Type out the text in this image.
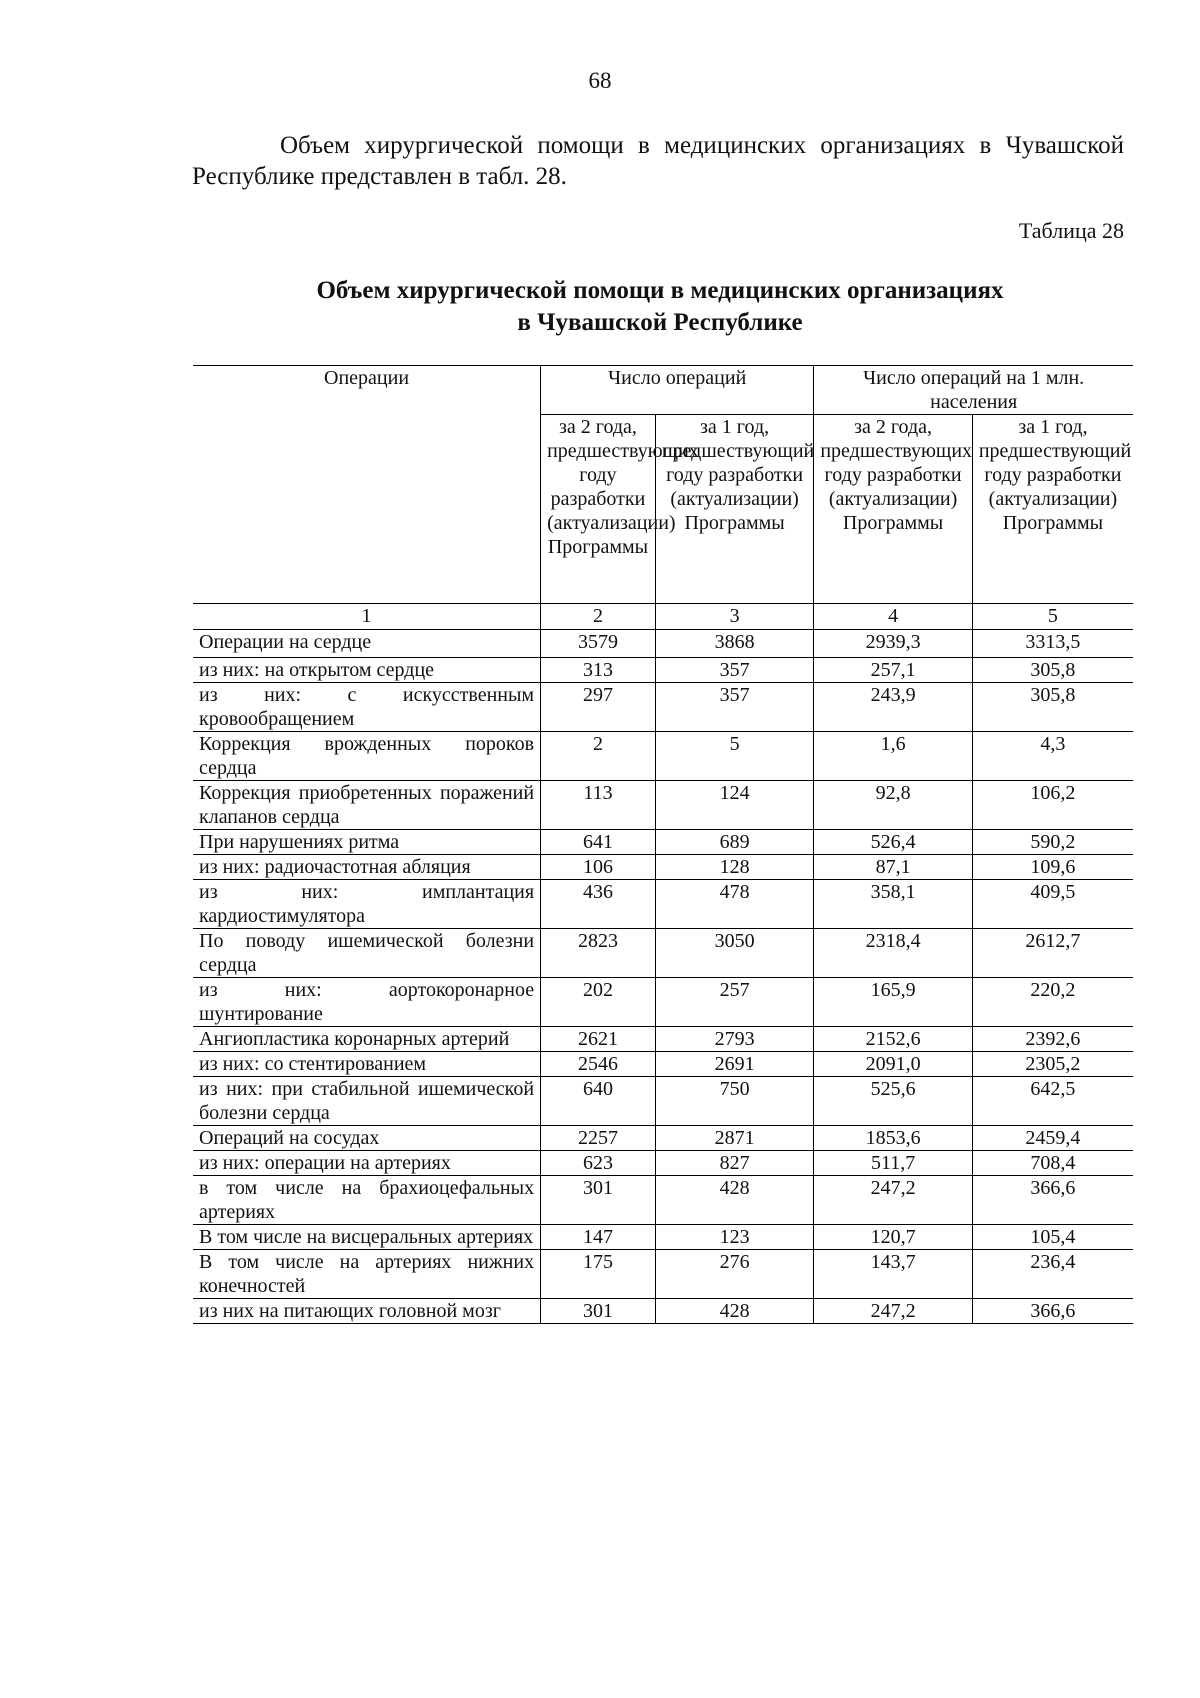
68

Объем хирургической помощи в медицинских организациях в Чувашской Республике представлен в табл. 28.

Таблица 28
Объем хирургической помощи в медицинских организациях
в Чувашской Республике
Операции	Число операций		Число операций на 1 млн. населения	
	за 2 года, предшествующих году разработки (актуализации) Программы	за 1 год, предшествующий году разработки (актуализации) Программы	за 2 года, предшествующих году разработки (актуализации) Программы	за 1 год, предшествующий году разработки (актуализации) Программы
1	2	3	4	5
Операции на сердце	3579	3868	2939,3	3313,5
из них: на открытом сердце	313	357	257,1	305,8
из них: с искусственным кровообращением	297	357	243,9	305,8
Коррекция врожденных пороков сердца	2	5	1,6	4,3
Коррекция приобретенных поражений клапанов сердца	113	124	92,8	106,2
При нарушениях ритма	641	689	526,4	590,2
из них: радиочастотная абляция	106	128	87,1	109,6
из них: имплантация кардиостимулятора	436	478	358,1	409,5
По поводу ишемической болезни сердца	2823	3050	2318,4	2612,7
из них: аортокоронарное шунтирование	202	257	165,9	220,2
Ангиопластика коронарных артерий	2621	2793	2152,6	2392,6
из них: со стентированием	2546	2691	2091,0	2305,2
из них: при стабильной ишемической болезни сердца	640	750	525,6	642,5
Операций на сосудах	2257	2871	1853,6	2459,4
из них: операции на артериях	623	827	511,7	708,4
в том числе на брахиоцефальных артериях	301	428	247,2	366,6
В том числе на висцеральных артериях	147	123	120,7	105,4
В том числе на артериях нижних конечностей	175	276	143,7	236,4
из них на питающих головной мозг	301	428	247,2	366,6
